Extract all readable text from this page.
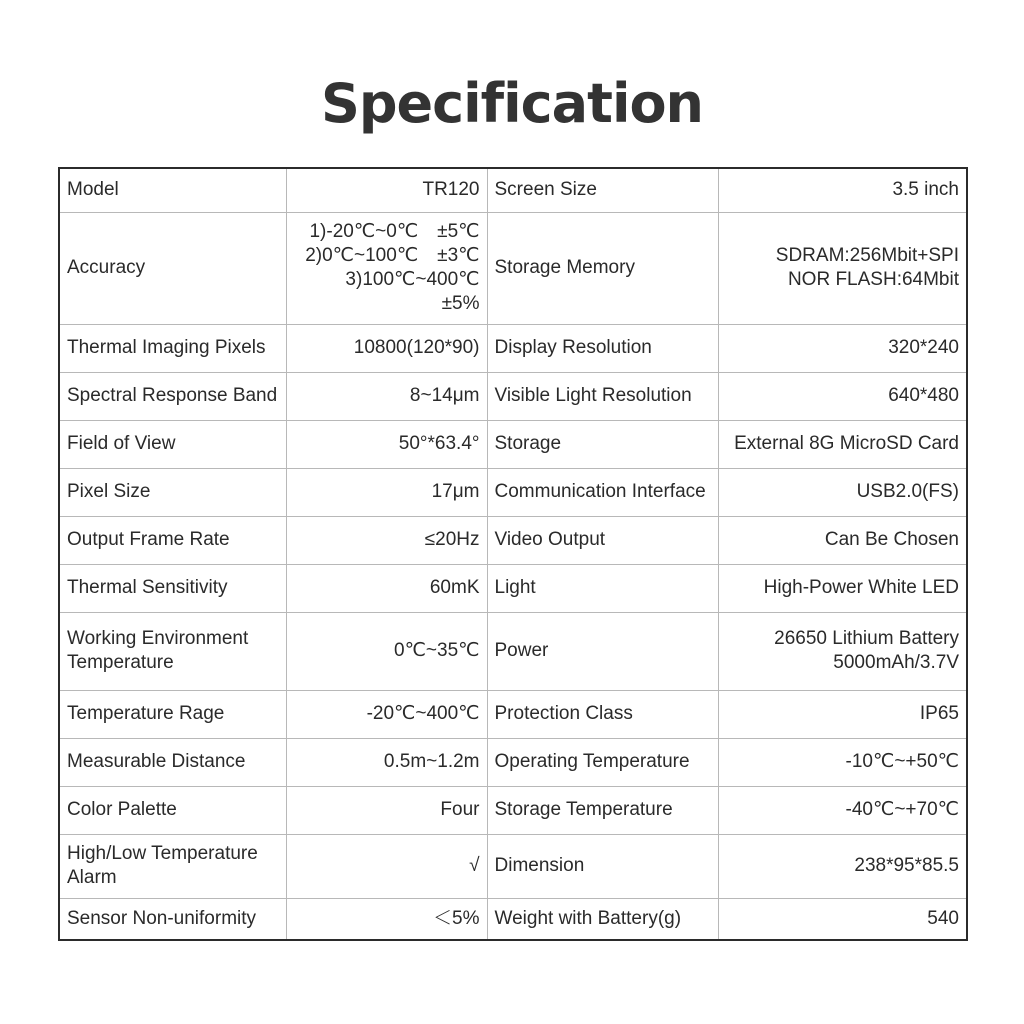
Specification
Model	TR120	Screen Size	3.5 inch

Accuracy	1)-20℃~0℃　±5℃
2)0℃~100℃　±3℃
3)100℃~400℃　±5%	Storage Memory	SDRAM:256Mbit+SPI
NOR FLASH:64Mbit

Thermal Imaging Pixels	10800(120*90)	Display Resolution	320*240

Spectral Response Band	8~14μm	Visible Light Resolution	640*480

Field of View	50°*63.4°	Storage	External 8G MicroSD Card

Pixel Size	17μm	Communication Interface	USB2.0(FS)

Output Frame Rate	≤20Hz	Video Output	Can Be Chosen

Thermal Sensitivity	60mK	Light	High-Power White LED

Working Environment Temperature	0℃~35℃	Power	26650 Lithium Battery
5000mAh/3.7V

Temperature Rage	-20℃~400℃	Protection Class	IP65

Measurable Distance	0.5m~1.2m	Operating Temperature	-10℃~+50℃

Color Palette	Four	Storage Temperature	-40℃~+70℃

High/Low Temperature Alarm	√	Dimension	238*95*85.5

Sensor Non-uniformity	＜5%	Weight with Battery(g)	540
